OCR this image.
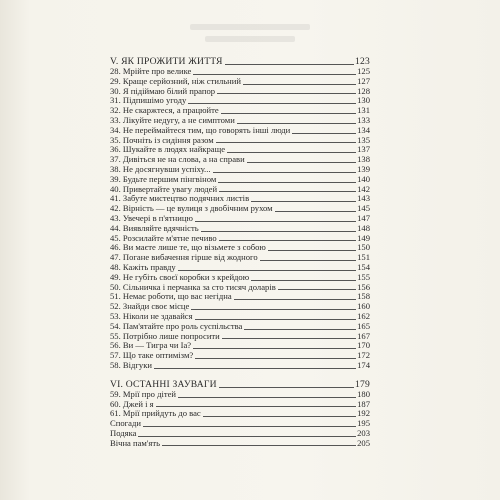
V. ЯК ПРОЖИТИ ЖИТТЯ	123
28. Мрійте про велике	125
29. Краще серйозний, ніж стильний	127
30. Я підіймаю білий прапор	128
31. Підпишімо угоду	130
32. Не скаржтеся, а працюйте	131
33. Лікуйте недугу, а не симптоми	133
34. Не переймайтеся тим, що говорять інші люди	134
35. Почніть із сидіння разом	135
36. Шукайте в людях найкраще	137
37. Дивіться не на слова, а на справи	138
38. Не досягнувши успіху...	139
39. Будьте першим пінгвіном	140
40. Привертайте увагу людей	142
41. Забуте мистецтво подячних листів	143
42. Вірність — це вулиця з двобічним рухом	145
43. Увечері в п'ятницю	147
44. Виявляйте вдячність	148
45. Розсилайте м'ятне печиво	149
46. Ви маєте лише те, що візьмете з собою	150
47. Погане вибачення гірше від жодного	151
48. Кажіть правду	154
49. Не губіть своєї коробки з крейдою	155
50. Сільничка і перчанка за сто тисяч доларів	156
51. Немає роботи, що вас негідна	158
52. Знайди своє місце	160
53. Ніколи не здавайся	162
54. Пам'ятайте про роль суспільства	165
55. Потрібно лише попросити	167
56. Ви — Тигра чи Іа?	170
57. Що таке оптимізм?	172
58. Відгуки	174
VI. ОСТАННІ ЗАУВАГИ	179
59. Мрії про дітей	180
60. Джей і я	187
61. Мрії прийдуть до вас	192
Спогади	195
Подяка	203
Вічна пам'ять	205
